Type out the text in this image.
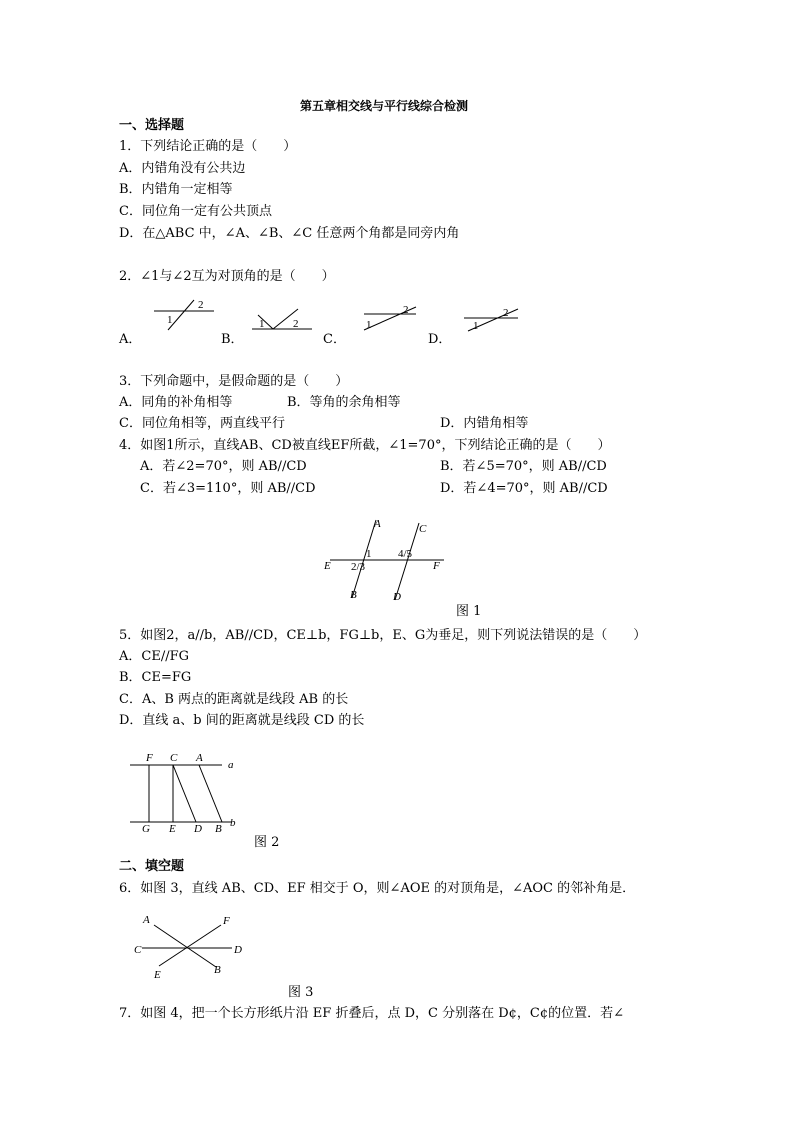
第五章相交线与平行线综合检测
一、选择题
1．下列结论正确的是（　　）
A．内错角没有公共边
B．内错角一定相等
C．同位角一定有公共顶点
D．在△ABC 中，∠A、∠B、∠C 任意两个角都是同旁内角
2．∠1与∠2互为对顶角的是（　　）
A．	B．	C．	D．
1
2
1	2	1
2
1
2
3．下列命题中，是假命题的是（　　）
A．同角的补角相等	B．等角的余角相等
C．同位角相等，两直线平行	D．内错角相等
4．如图1所示，直线AB、CD被直线EF所截，∠1=70°，下列结论正确的是（　　）
A．若∠2=70°，则 AB//CD	B．若∠5=70°，则 AB//CD
C．若∠3=110°，则 AB//CD	D．若∠4=70°，则 AB//CD
A	C
1 4/5
E 2/3	F
B	D
图 1
5．如图2，a//b，AB//CD，CE⊥b，FG⊥b，E、G为垂足，则下列说法错误的是（　　）
A．CE//FG
B．CE=FG
C．A、B 两点的距离就是线段 AB 的长
D．直线 a、b 间的距离就是线段 CD 的长
F C A
a
G E D B b
图 2
二、填空题
6．如图 3，直线 AB、CD、EF 相交于 O，则∠AOE 的对顶角是，∠AOC 的邻补角是．
A	F
C	D
E	B
图 3
7．如图 4，把一个长方形纸片沿 EF 折叠后，点 D，C 分别落在 D¢，C¢的位置．若∠
